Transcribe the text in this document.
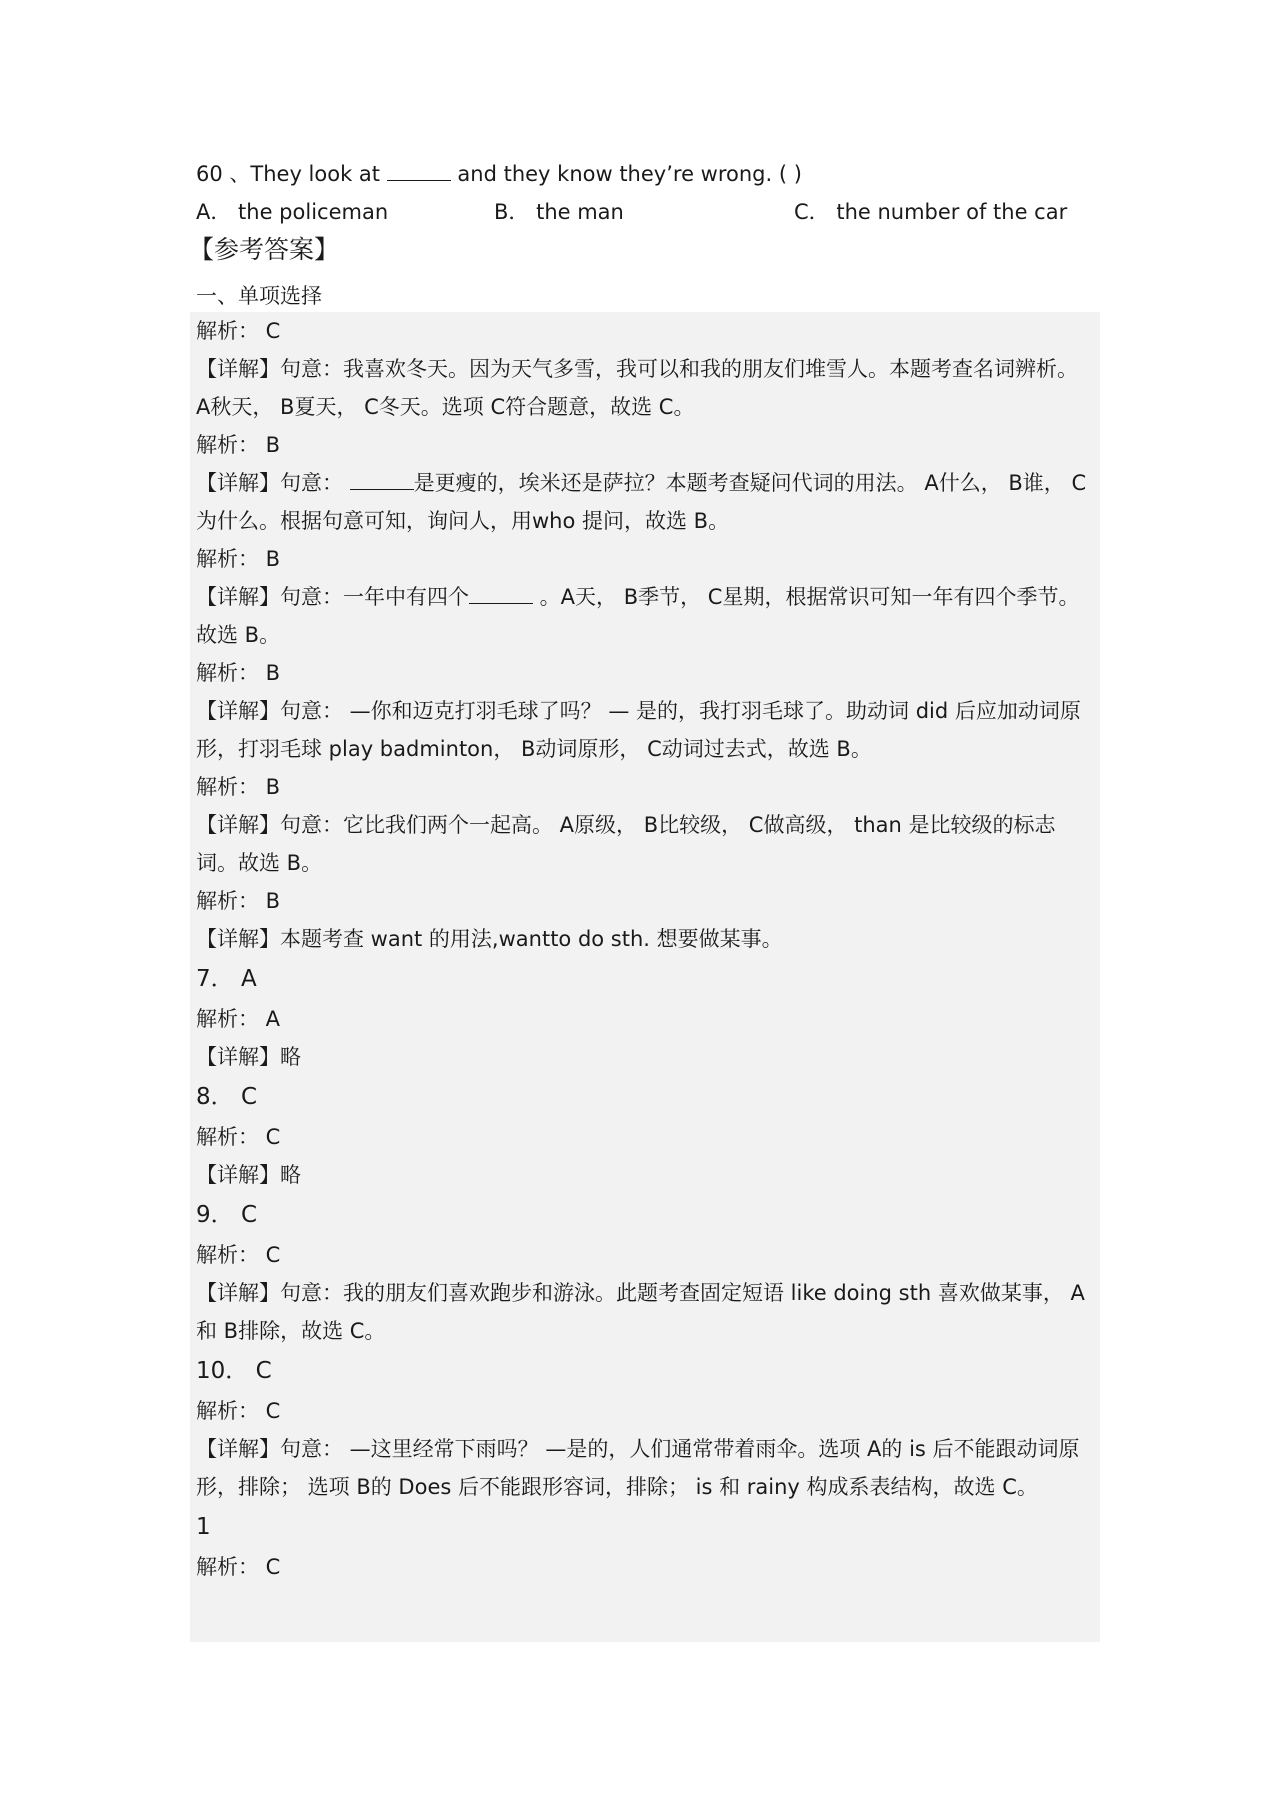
60 、They look at	and they know they’re wrong. ( )
A． the policeman	B． the man	C． the number of the car
【参考答案】
一、单项选择
解析： C
【详解】句意：我喜欢冬天。因为天气多雪，我可以和我的朋友们堆雪人。本题考查名词辨析。 A秋天， B夏天， C冬天。选项 C符合题意，故选 C。
解析： B
【详解】句意：	是更瘦的，埃米还是萨拉？本题考查疑问代词的用法。 A什么， B谁， C为什么。根据句意可知，询问人，用who 提问，故选 B。
解析： B
【详解】句意：一年中有四个	。A天， B季节， C星期，根据常识可知一年有四个季节。故选 B。
解析： B
【详解】句意： —你和迈克打羽毛球了吗？ — 是的，我打羽毛球了。助动词 did 后应加动词原形，打羽毛球 play badminton， B动词原形， C动词过去式，故选 B。
解析： B
【详解】句意：它比我们两个一起高。 A原级， B比较级， C做高级， than 是比较级的标志词。故选 B。
解析： B
【详解】本题考查 want 的用法,wantto do sth. 想要做某事。
7． A
解析： A
【详解】略
8． C
解析： C
【详解】略
9． C
解析： C
【详解】句意：我的朋友们喜欢跑步和游泳。此题考查固定短语 like doing sth 喜欢做某事， A和 B排除，故选 C。
10． C
解析： C
【详解】句意： —这里经常下雨吗？ —是的，人们通常带着雨伞。选项 A的 is 后不能跟动词原形，排除； 选项 B的 Does 后不能跟形容词，排除； is 和 rainy 构成系表结构，故选 C。
1
解析： C
